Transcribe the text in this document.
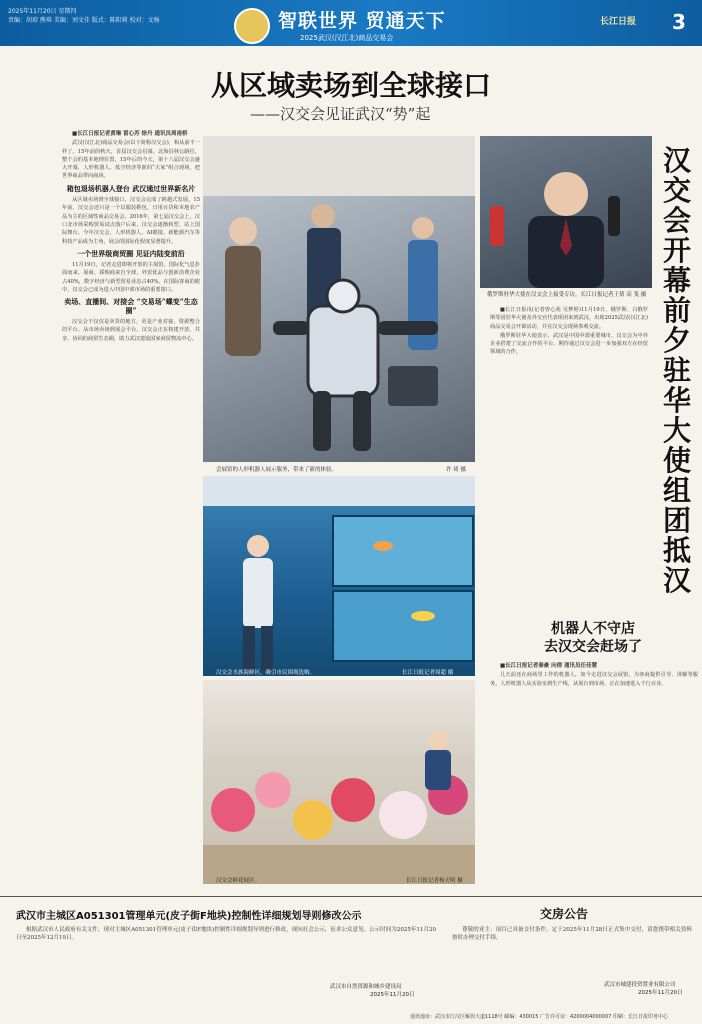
2025年11月20日 星期四
责编：胡琼 熊琪 美编：刘文佳 版式：陈阳莉 校对：文杨	智联世界 贸通天下
2025武汉(汉江北)商品交易会
长江日报 3
从区域卖场到全球接口
——汉交会见证武汉“势”起

■长江日报记者黄琳 雷心苏 徐丹 通讯员周南桥

武汉(汉江北)商品交易会(以下简称汉交会)，和从前不一样了。15年前的秋天，首届汉交会启幕，北海县林公路位，整个会的基本地理位置，15年后的今天，第十八届汉交会盛大开幕，人形机器人、低空经济等新的“大家”组合现场，把世界商品带向商场。

箱包退场机器人登台 武汉通过世界新名片

从区域卖场到全球接口，汉交会完成了跨越式发展。15年前，汉交会还只是一个以服装鞋包、日用百货和本地农产品为主的区域性商品交易会。2016年，第七届汉交会上，汉口北市场采购贸易试点落户后来，汉交会逐渐转型，站上国际舞台。今年汉交会，人形机器人、AI眼镜、新能源汽车等科技产品成为主角，展会的国际化程度显著提升。

一个世界级商贸圈 见证内陆变前沿

11月19日，记者走进即将开放的主展馆，国际化气息扑面而来。展商、採购商来自全球，外贸优品与创新消费企业占40%，数字经济与新型贸易业态占40%。在国际客商的眼中，汉交会已成为进入中国中部市场的重要窗口。

卖场、直播间、对接会 “交易场”蝶变“生态圈”

汉交会不仅仅是卖货的地方，更是产业对接、资源整合的平台。从市场卖场到展会平台，汉交会正在构建开放、共享、协同的商贸生态圈，助力武汉建设国家商贸物流中心。

会展馆的人形机器人展示服务，带来了新的体验。	许 琦 摄
汉交会水族海鲜区，吸引市民围观选购。	长江日报记者周超 摄
汉交会鲜花展区。	长江日报记者杨天明 摄
俄罗斯驻华大使在汉交会上接受专访。长江日报记者王倩 高 斐 摄

■长江日报讯(记者曾心苑 吴梦婷)11月19日，俄罗斯、白俄罗斯等国驻华大使及外交官代表组团来到武汉，出席2025武汉(汉江北)商品交易会开幕活动，并在汉交会现场参观交流。

俄罗斯驻华大使表示，武汉是中国中部重要城市，汉交会为中外企业搭建了交流合作的平台，期待通过汉交会进一步加强双方在经贸领域的合作。

汉交会开幕前夕驻华大使组团抵汉
机器人不守店
去汉交会赶场了

■长江日报记者秦豪 向倩 通讯员任佳慧

儿天前还在商场里工作的机器人，如今走进汉交会展馆，为客商提供引导、讲解等服务。人形机器人从实验室到生产线，从展台到市场，正在加速进入千行百业。

武汉市主城区A051301管理单元(皮子街F地块)控制性详细规划导则修改公示

根据武汉市人民政府有关文件，现对主城区A051301管理单元(皮子街F地块)控制性详细规划导则进行修改，现向社会公示，征求公众意见。公示时间为2025年11月20日至2025年12月19日。

武汉市自然资源和城乡建设局
2025年11月20日
交房公告

尊敬的业主：项目已具备交付条件，定于2025年11月28日正式集中交付，请您携带相关资料按时办理交付手续。

武汉市城建投资置业有限公司
2025年11月20日
通讯地址：武汉市江汉区解放大道1118号 邮编：430015 广告许可证：4200004000007 印刷：长江日报印务中心
